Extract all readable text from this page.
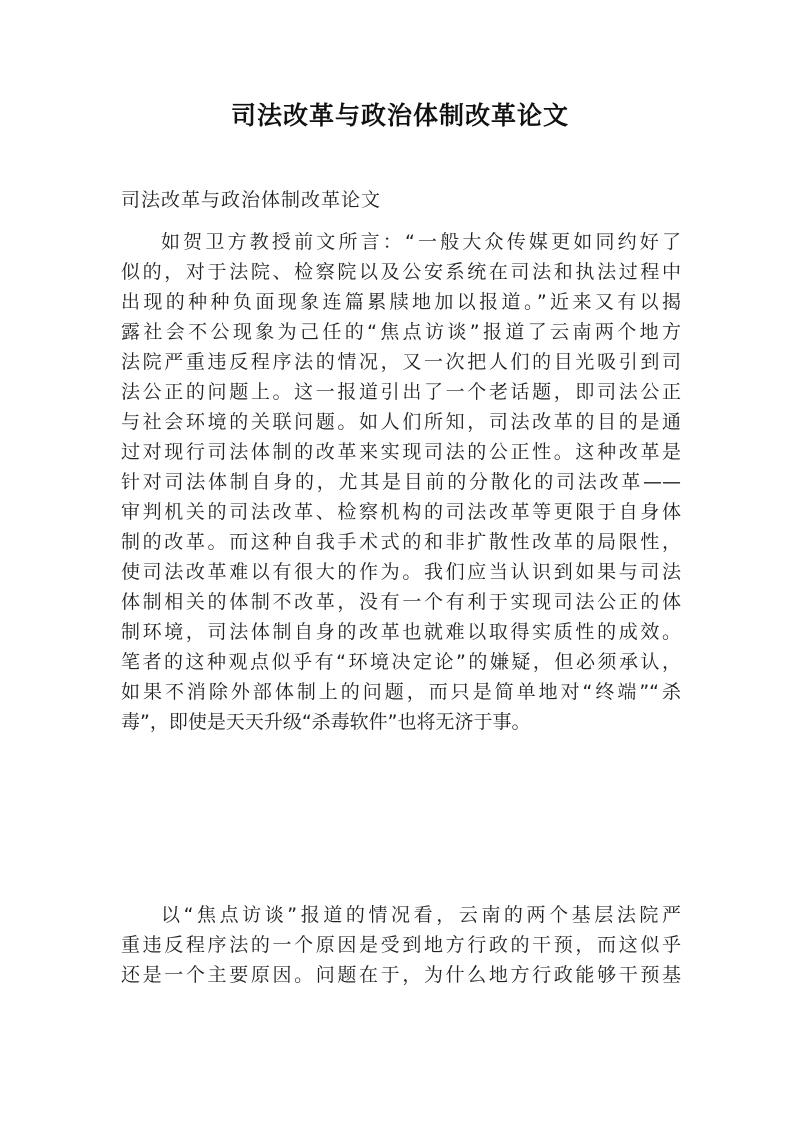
司法改革与政治体制改革论文
司法改革与政治体制改革论文
如贺卫方教授前文所言：“一般大众传媒更如同约好了
似的，对于法院、检察院以及公安系统在司法和执法过程中
出现的种种负面现象连篇累牍地加以报道。”近来又有以揭
露社会不公现象为己任的“焦点访谈”报道了云南两个地方
法院严重违反程序法的情况，又一次把人们的目光吸引到司
法公正的问题上。这一报道引出了一个老话题，即司法公正
与社会环境的关联问题。如人们所知，司法改革的目的是通
过对现行司法体制的改革来实现司法的公正性。这种改革是
针对司法体制自身的，尤其是目前的分散化的司法改革——
审判机关的司法改革、检察机构的司法改革等更限于自身体
制的改革。而这种自我手术式的和非扩散性改革的局限性，
使司法改革难以有很大的作为。我们应当认识到如果与司法
体制相关的体制不改革，没有一个有利于实现司法公正的体
制环境，司法体制自身的改革也就难以取得实质性的成效。
笔者的这种观点似乎有“环境决定论”的嫌疑，但必须承认，
如果不消除外部体制上的问题，而只是简单地对“终端”“杀
毒”，即使是天天升级“杀毒软件”也将无济于事。
以“焦点访谈”报道的情况看，云南的两个基层法院严
重违反程序法的一个原因是受到地方行政的干预，而这似乎
还是一个主要原因。问题在于，为什么地方行政能够干预基
